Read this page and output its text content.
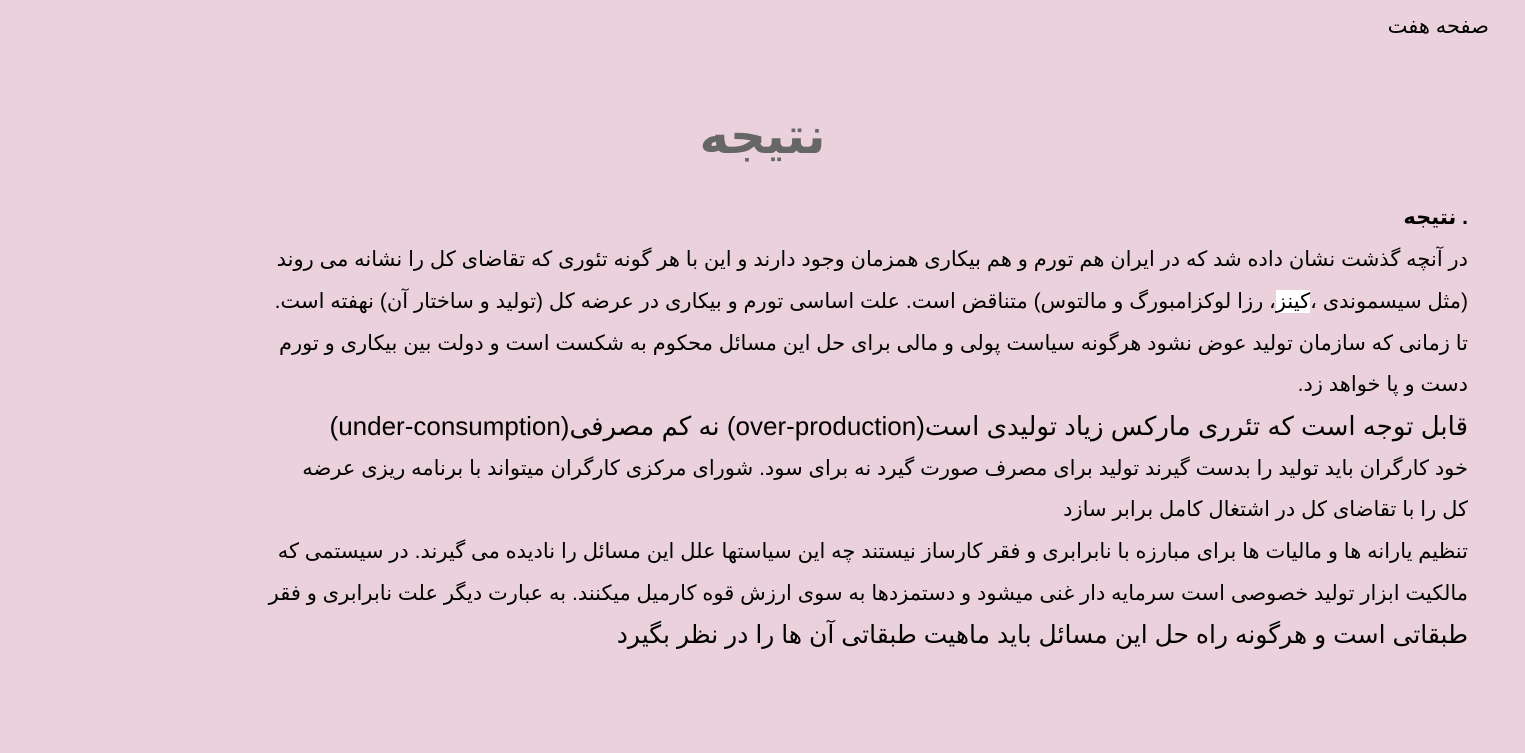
صفحه هفت
نتیجه
. نتیجه
در آنچه گذشت نشان داده شد که در ایران هم تورم و هم بیکاری همزمان وجود دارند و این با هر گونه تئوری که تقاضای کل را نشانه می روند
(مثل سیسموندی ،کینز، رزا لوکزامبورگ و مالتوس) متناقض است. علت اساسی تورم و بیکاری در عرضه کل (تولید و ساختار آن) نهفته است.
تا زمانی که سازمان تولید عوض نشود هرگونه سیاست پولی و مالی برای حل این مسائل محکوم به شکست است و دولت بین بیکاری و تورم
دست و پا خواهد زد.
قابل توجه است که تئرری مارکس زیاد تولیدی است(over-production) نه کم مصرفی(under-consumption)
خود کارگران باید تولید را بدست گیرند تولید برای مصرف صورت گیرد نه برای سود. شورای مرکزی کارگران میتواند با برنامه ریزی عرضه
کل را با تقاضای کل در اشتغال کامل برابر سازد
تنظیم یارانه ها و مالیات ها برای مبارزه با نابرابری و فقر کارساز نیستند چه این سیاستها علل این مسائل را نادیده می گیرند. در سیستمی که
مالکیت ابزار تولید خصوصی است سرمایه دار غنی میشود و دستمزدها به سوی ارزش قوه کارمیل میکنند. به عبارت دیگر علت نابرابری و فقر
طبقاتی است و هرگونه راه حل این مسائل باید ماهیت طبقاتی آن ها را در نظر بگیرد
